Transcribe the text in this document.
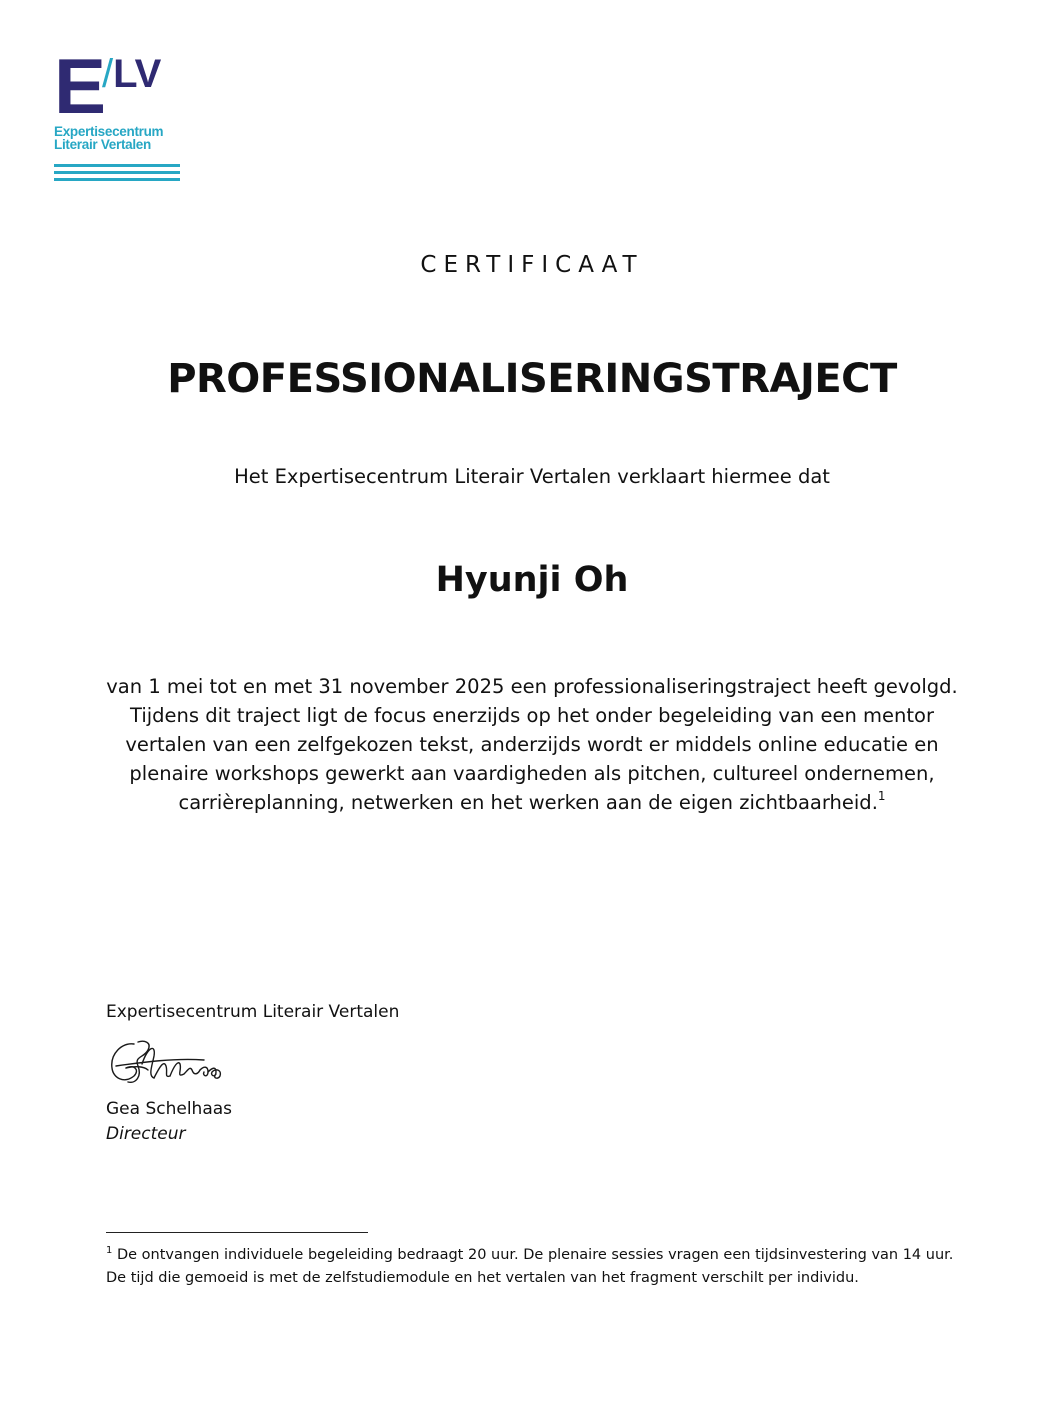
E
/LV
Expertisecentrum
Literair Vertalen
CERTIFICAAT
PROFESSIONALISERINGSTRAJECT
Het Expertisecentrum Literair Vertalen verklaart hiermee dat
Hyunji Oh
van 1 mei tot en met 31 november 2025 een professionaliseringstraject heeft gevolgd.
Tijdens dit traject ligt de focus enerzijds op het onder begeleiding van een mentor
vertalen van een zelfgekozen tekst, anderzijds wordt er middels online educatie en
plenaire workshops gewerkt aan vaardigheden als pitchen, cultureel ondernemen,
carrièreplanning, netwerken en het werken aan de eigen zichtbaarheid.$^1$
Expertisecentrum Literair Vertalen
Gea Schelhaas
Directeur
$^1$ De ontvangen individuele begeleiding bedraagt 20 uur. De plenaire sessies vragen een tijdsinvestering van 14 uur.
De tijd die gemoeid is met de zelfstudiemodule en het vertalen van het fragment verschilt per individu.
